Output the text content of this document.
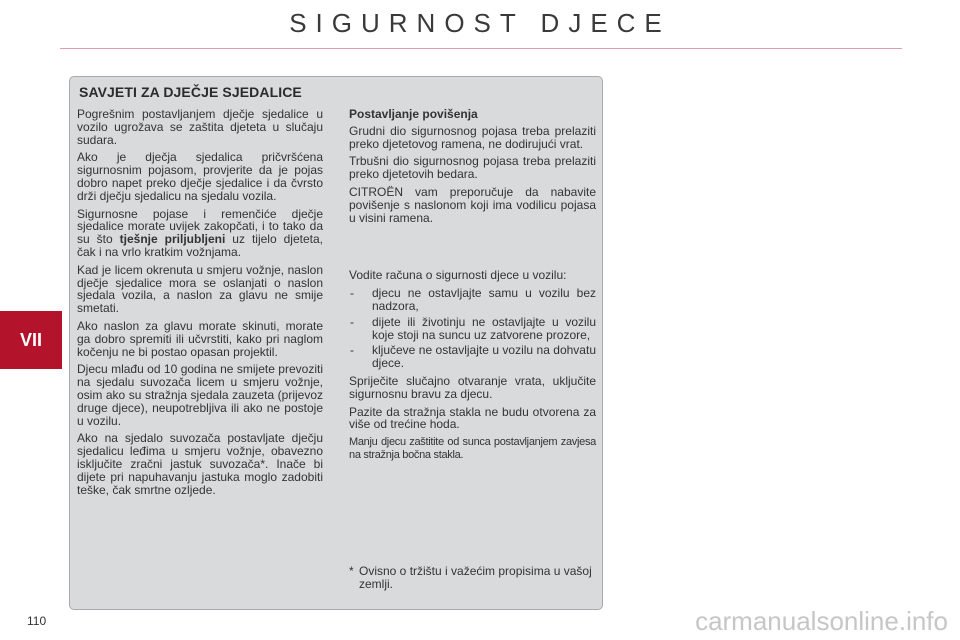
SIGURNOST DJECE
VII
SAVJETI ZA DJEČJE SJEDALICE

Pogrešnim postavljanjem dječje sjedalice u vozilo ugrožava se zaštita djeteta u slučaju sudara.

Ako je dječja sjedalica pričvršćena sigurnosnim pojasom, provjerite da je pojas dobro napet preko dječje sjedalice i da čvrsto drži dječju sjedalicu na sjedalu vozila.

Sigurnosne pojase i remenčiće dječje sjedalice morate uvijek zakopčati, i to tako da su što tješnje priljubljeni uz tijelo djeteta, čak i na vrlo kratkim vožnjama.

Kad je licem okrenuta u smjeru vožnje, naslon dječje sjedalice mora se oslanjati o naslon sjedala vozila, a naslon za glavu ne smije smetati.

Ako naslon za glavu morate skinuti, morate ga dobro spremiti ili učvrstiti, kako pri naglom kočenju ne bi postao opasan projektil.

Djecu mlađu od 10 godina ne smijete prevoziti na sjedalu suvozača licem u smjeru vožnje, osim ako su stražnja sjedala zauzeta (prijevoz druge djece), neupotrebljiva ili ako ne postoje u vozilu.

Ako na sjedalo suvozača postavljate dječju sjedalicu leđima u smjeru vožnje, obavezno isključite zračni jastuk suvozača*. Inače bi dijete pri napuhavanju jastuka moglo zadobiti teške, čak smrtne ozljede.

Postavljanje povišenja

Grudni dio sigurnosnog pojasa treba prelaziti preko djetetovog ramena, ne dodirujući vrat.

Trbušni dio sigurnosnog pojasa treba prelaziti preko djetetovih bedara.

CITROËN vam preporučuje da nabavite povišenje s naslonom koji ima vodilicu pojasa u visini ramena.

Vodite računa o sigurnosti djece u vozilu:

- djecu ne ostavljajte samu u vozilu bez nadzora,
- dijete ili životinju ne ostavljajte u vozilu koje stoji na suncu uz zatvorene prozore,
- ključeve ne ostavljajte u vozilu na dohvatu djece.

Spriječite slučajno otvaranje vrata, uključite sigurnosnu bravu za djecu.

Pazite da stražnja stakla ne budu otvorena za više od trećine hoda.

Manju djecu zaštitite od sunca postavljanjem zavjesa na stražnja bočna stakla.

* Ovisno o tržištu i važećim propisima u vašoj zemlji.
110	carmanualsonline.info
